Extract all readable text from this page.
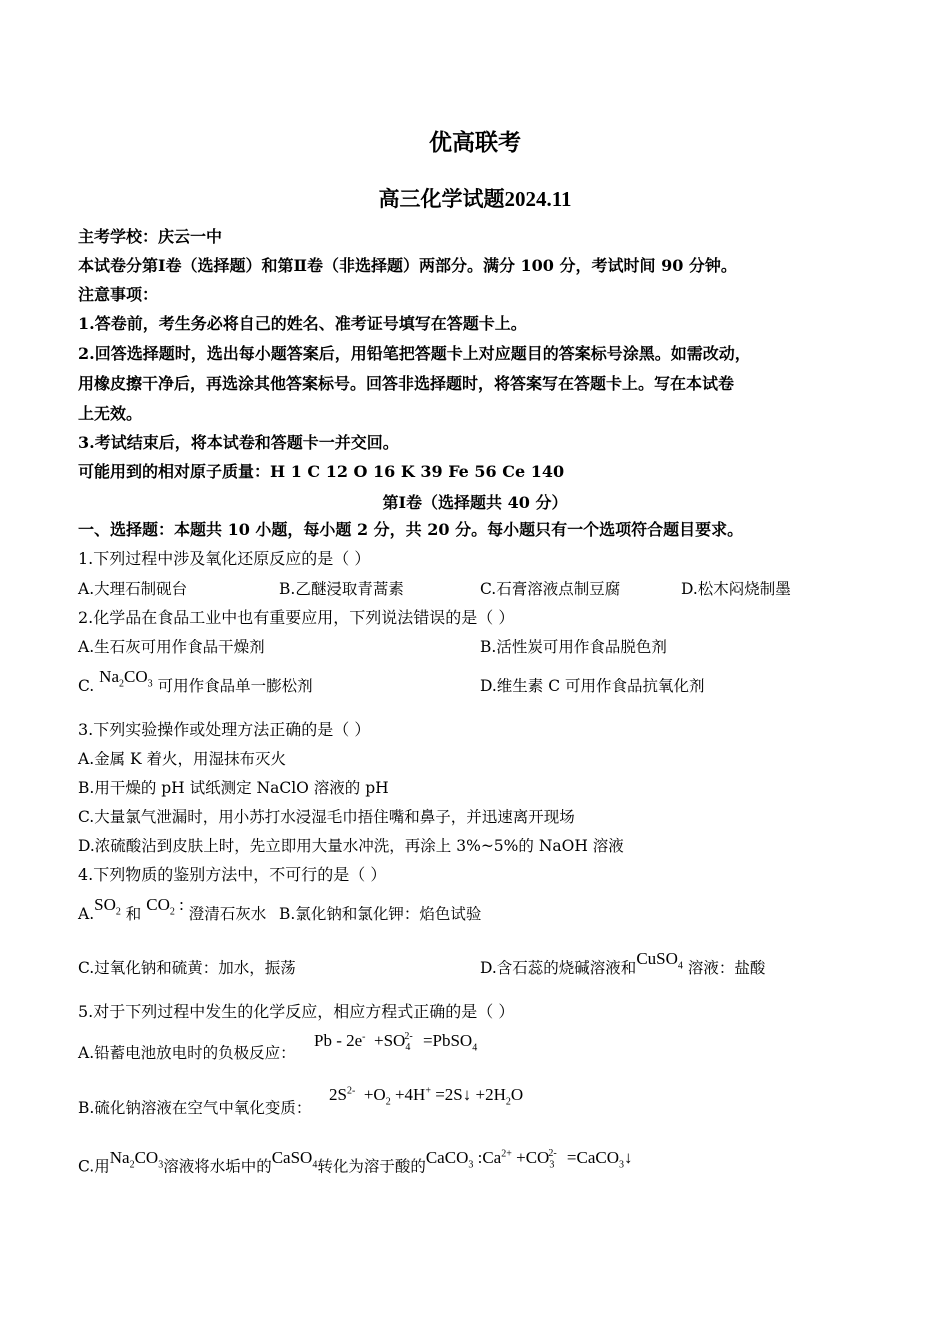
优高联考
高三化学试题2024.11
主考学校：庆云一中
本试卷分第Ⅰ卷（选择题）和第Ⅱ卷（非选择题）两部分。满分 100 分，考试时间 90 分钟。
注意事项：
1.答卷前，考生务必将自己的姓名、准考证号填写在答题卡上。
2.回答选择题时，选出每小题答案后，用铅笔把答题卡上对应题目的答案标号涂黑。如需改动，
用橡皮擦干净后，再选涂其他答案标号。回答非选择题时，将答案写在答题卡上。写在本试卷
上无效。
3.考试结束后，将本试卷和答题卡一并交回。
可能用到的相对原子质量：H 1 C 12 O 16 K 39 Fe 56 Ce 140
第Ⅰ卷（选择题共 40 分）
一、选择题：本题共 10 小题，每小题 2 分，共 20 分。每小题只有一个选项符合题目要求。
1.下列过程中涉及氧化还原反应的是（ ）
A.大理石制砚台	B.乙醚浸取青蒿素	C.石膏溶液点制豆腐	D.松木闷烧制墨
2.化学品在食品工业中也有重要应用，下列说法错误的是（ ）
A.生石灰可用作食品干燥剂	B.活性炭可用作食品脱色剂
C. $Na_2CO_3$ 可用作食品单一膨松剂	D.维生素 C 可用作食品抗氧化剂
3.下列实验操作或处理方法正确的是（ ）
A.金属 K 着火，用湿抹布灭火
B.用干燥的 pH 试纸测定 NaClO 溶液的 pH
C.大量氯气泄漏时，用小苏打水浸湿毛巾捂住嘴和鼻子，并迅速离开现场
D.浓硫酸沾到皮肤上时，先立即用大量水冲洗，再涂上 3%~5%的 NaOH 溶液
4.下列物质的鉴别方法中，不可行的是（ ）
$A.SO_2$ 和 $CO_2$ : 澄清石灰水 B.氯化钠和氯化钾：焰色试验
C.过氧化钠和硫黄：加水，振荡	D.含石蕊的烧碱溶液和CuSO$_4$ 溶液：盐酸
5.对于下列过程中发生的化学反应，相应方程式正确的是（ ）
A.铅蓄电池放电时的负极反应：
$Pb - 2e^- +SO_4^{2-}$ =PbSO$_4$
B.硫化钠溶液在空气中氧化变质：
$2S^{2-} +O_2 +4H^+$ =2S↓ $+2H_2O$
C.用$Na_2CO_3$溶液将水垢中的CaSO$_4$转化为溶于酸的CaCO$_3$ $:Ca^{2+} +CO_3^{2-}$ =CaCO$_3$↓
